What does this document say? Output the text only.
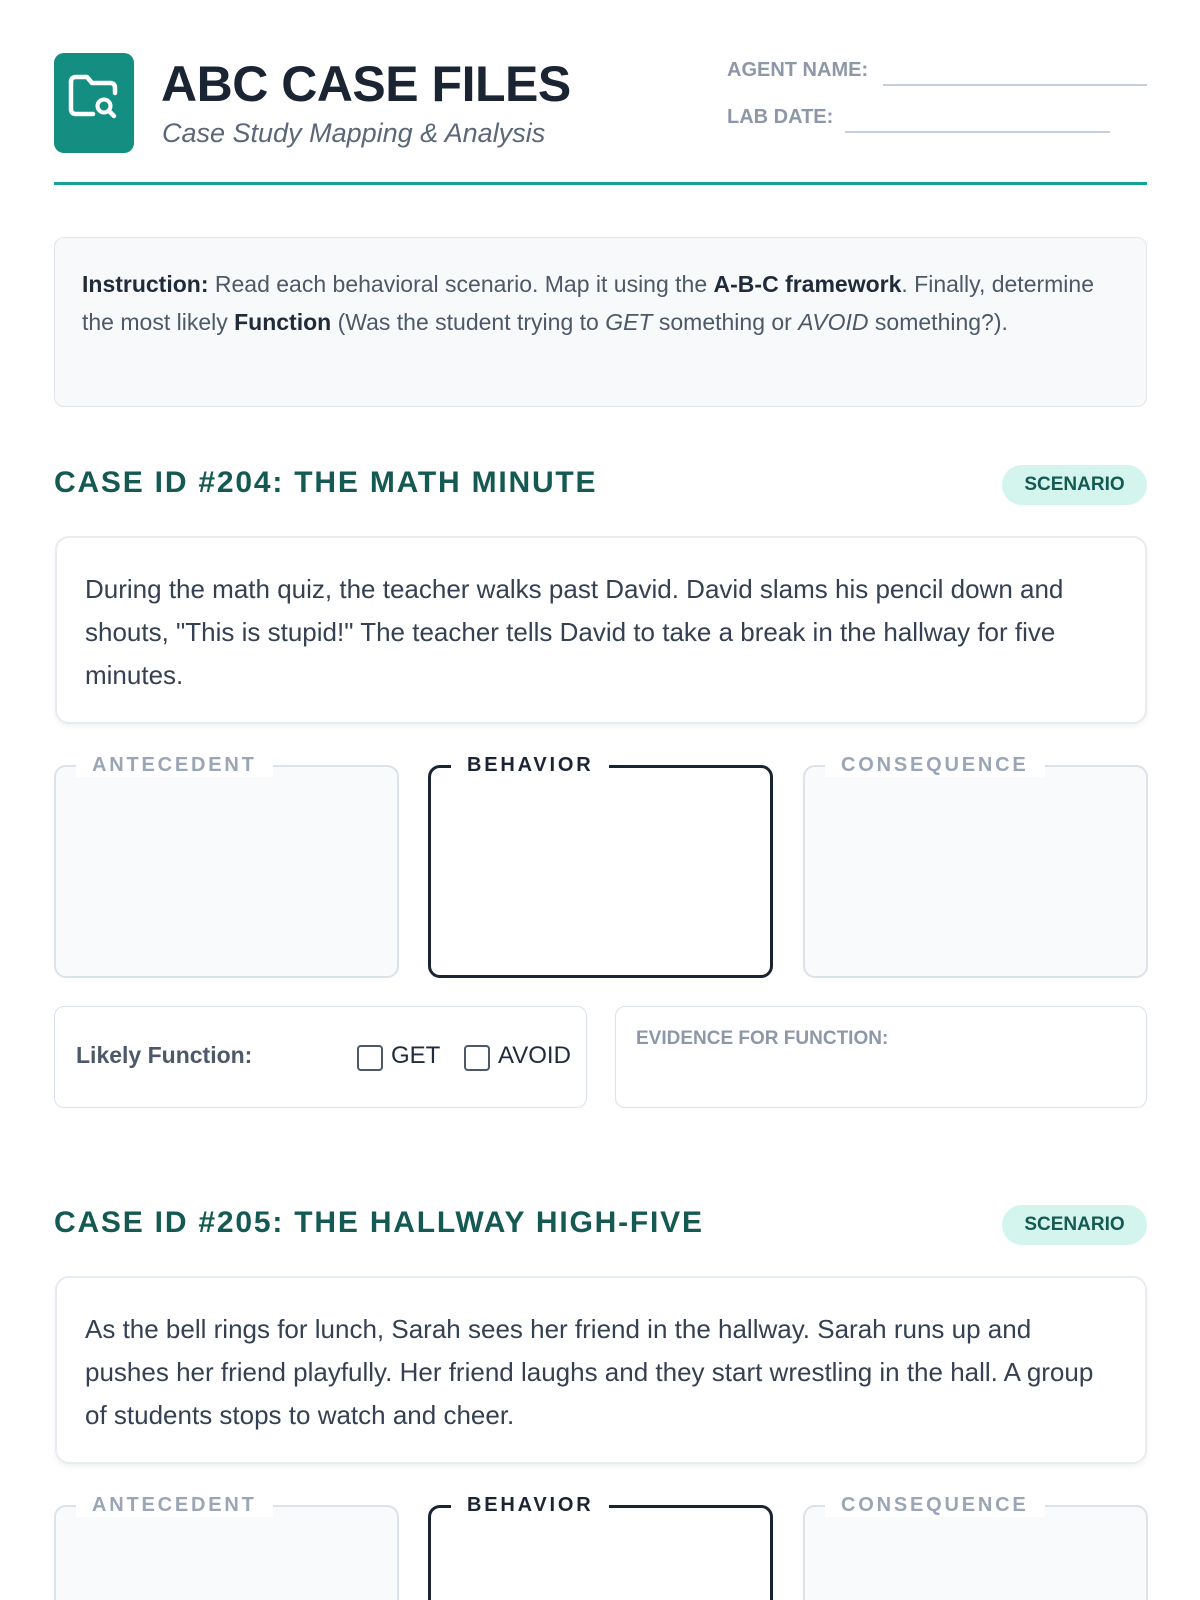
ABC CASE FILES
Case Study Mapping & Analysis
AGENT NAME:
LAB DATE:
Instruction: Read each behavioral scenario. Map it using the A-B-C framework. Finally, determine the most likely Function (Was the student trying to GET something or AVOID something?).
CASE ID #204: THE MATH MINUTE	SCENARIO
During the math quiz, the teacher walks past David. David slams his pencil down and shouts, "This is stupid!" The teacher tells David to take a break in the hallway for five minutes.
ANTECEDENT	BEHAVIOR	CONSEQUENCE
Likely Function:	GET AVOID
EVIDENCE FOR FUNCTION:
CASE ID #205: THE HALLWAY HIGH-FIVE	SCENARIO
As the bell rings for lunch, Sarah sees her friend in the hallway. Sarah runs up and pushes her friend playfully. Her friend laughs and they start wrestling in the hall. A group of students stops to watch and cheer.
ANTECEDENT	BEHAVIOR	CONSEQUENCE
